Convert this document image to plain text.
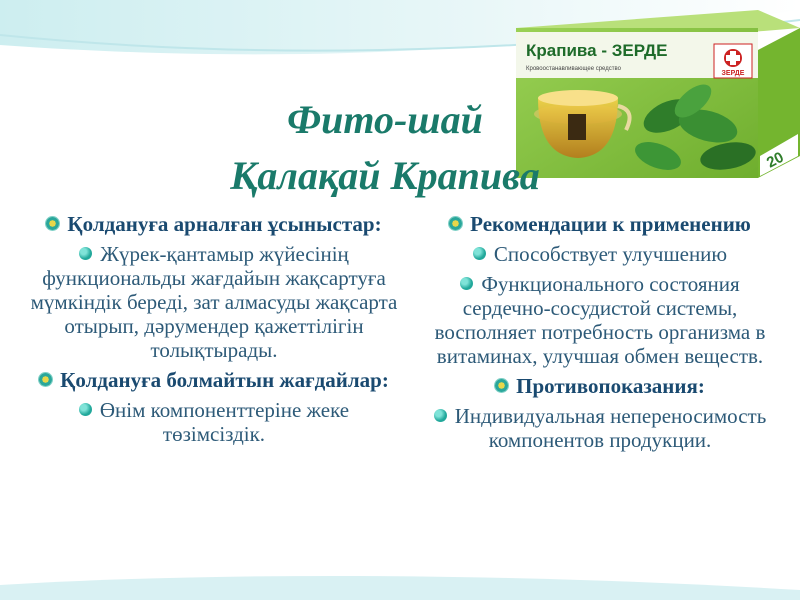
Крапива - ЗЕРДЕ
Кровоостанавливающее средство
ЗЕРДЕ
20
Фито-шай
Қалақай Крапива
Қолдануға арналған ұсыныстар:
Жүрек-қантамыр жүйесінің функциональды жағдайын жақсартуға мүмкіндік береді, зат алмасуды жақсарта отырып, дәрумендер қажеттілігін толықтырады.
Қолдануға болмайтын жағдайлар:
Өнім компоненттеріне жеке төзімсіздік.
Рекомендации к применению
Способствует улучшению
Функционального состояния сердечно-сосудистой системы, восполняет потребность организма в витаминах, улучшая обмен веществ.
Противопоказания:
Индивидуальная непереносимость компонентов продукции.
